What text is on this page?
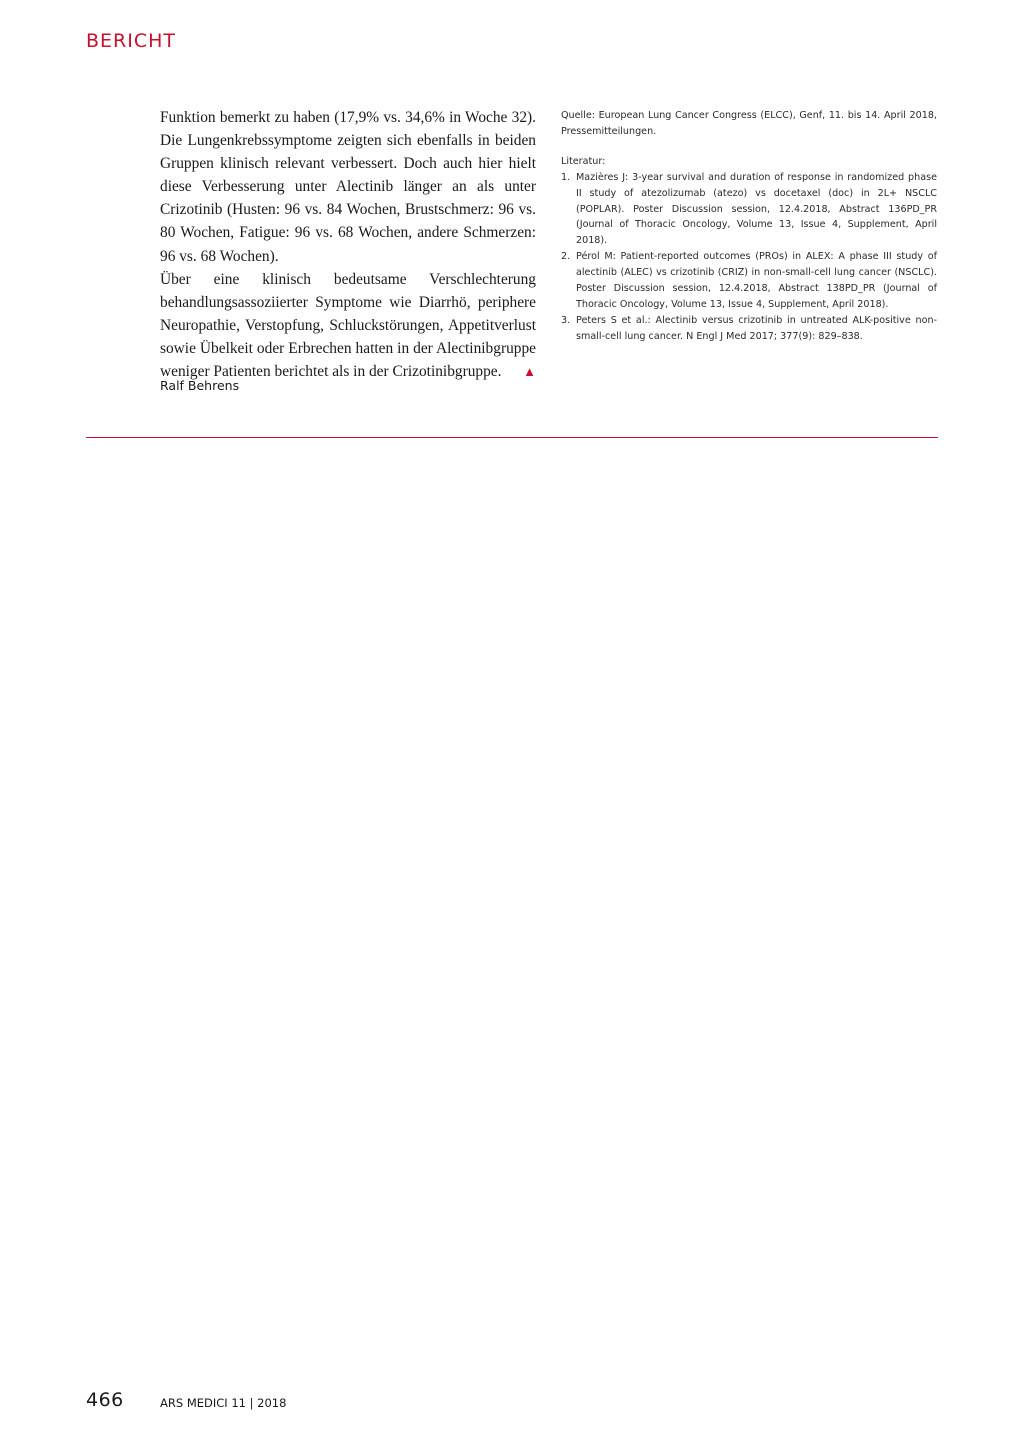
BERICHT

Funktion bemerkt zu haben (17,9% vs. 34,6% in Woche 32). Die Lungenkrebssymptome zeigten sich ebenfalls in beiden Gruppen klinisch relevant verbessert. Doch auch hier hielt diese Verbesserung unter Alectinib länger an als unter Crizotinib (Husten: 96 vs. 84 Wochen, Brustschmerz: 96 vs. 80 Wochen, Fatigue: 96 vs. 68 Wochen, andere Schmerzen: 96 vs. 68 Wochen).

Über eine klinisch bedeutsame Verschlechterung behandlungsassoziierter Symptome wie Diarrhö, periphere Neuropathie, Verstopfung, Schluckstörungen, Appetitverlust sowie Übelkeit oder Erbrechen hatten in der Alectinibgruppe weniger Patienten berichtet als in der Crizotinibgruppe. ▲

Ralf Behrens

Quelle: European Lung Cancer Congress (ELCC), Genf, 11. bis 14. April 2018, Pressemitteilungen.

Literatur:

1. Mazières J: 3-year survival and duration of response in randomized phase II study of atezolizumab (atezo) vs docetaxel (doc) in 2L+ NSCLC (POPLAR). Poster Discussion session, 12.4.2018, Abstract 136PD_PR (Journal of Thoracic Oncology, Volume 13, Issue 4, Supplement, April 2018).
2. Pérol M: Patient-reported outcomes (PROs) in ALEX: A phase III study of alectinib (ALEC) vs crizotinib (CRIZ) in non-small-cell lung cancer (NSCLC). Poster Discussion session, 12.4.2018, Abstract 138PD_PR (Journal of Thoracic Oncology, Volume 13, Issue 4, Supplement, April 2018).
3. Peters S et al.: Alectinib versus crizotinib in untreated ALK-positive non-small-cell lung cancer. N Engl J Med 2017; 377(9): 829–838.
466	ARS MEDICI 11 | 2018
